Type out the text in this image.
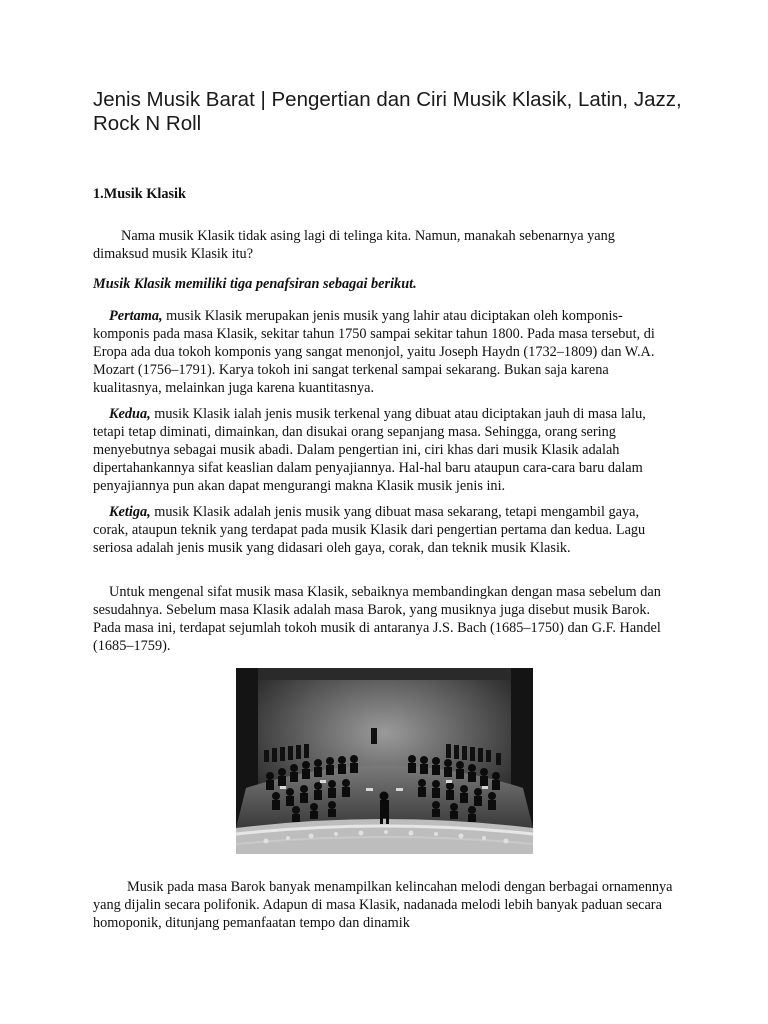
Jenis Musik Barat | Pengertian dan Ciri Musik Klasik, Latin, Jazz, Rock N Roll

1.Musik Klasik

Nama musik Klasik tidak asing lagi di telinga kita. Namun, manakah sebenarnya yang dimaksud musik Klasik itu?

Musik Klasik memiliki tiga penafsiran sebagai berikut.

Pertama, musik Klasik merupakan jenis musik yang lahir atau diciptakan oleh komponis-komponis pada masa Klasik, sekitar tahun 1750 sampai sekitar tahun 1800. Pada masa tersebut, di Eropa ada dua tokoh komponis yang sangat menonjol, yaitu Joseph Haydn (1732–1809) dan W.A. Mozart (1756–1791). Karya tokoh ini sangat terkenal sampai sekarang. Bukan saja karena kualitasnya, melainkan juga karena kuantitasnya.

Kedua, musik Klasik ialah jenis musik terkenal yang dibuat atau diciptakan jauh di masa lalu, tetapi tetap diminati, dimainkan, dan disukai orang sepanjang masa. Sehingga, orang sering menyebutnya sebagai musik abadi. Dalam pengertian ini, ciri khas dari musik Klasik adalah dipertahankannya sifat keaslian dalam penyajiannya. Hal-hal baru ataupun cara-cara baru dalam penyajiannya pun akan dapat mengurangi makna Klasik musik jenis ini.

Ketiga, musik Klasik adalah jenis musik yang dibuat masa sekarang, tetapi mengambil gaya, corak, ataupun teknik yang terdapat pada musik Klasik dari pengertian pertama dan kedua. Lagu seriosa adalah jenis musik yang didasari oleh gaya, corak, dan teknik musik Klasik.

Untuk mengenal sifat musik masa Klasik, sebaiknya membandingkan dengan masa sebelum dan sesudahnya. Sebelum masa Klasik adalah masa Barok, yang musiknya juga disebut musik Barok. Pada masa ini, terdapat sejumlah tokoh musik di antaranya J.S. Bach (1685–1750) dan G.F. Handel (1685–1759).

Musik pada masa Barok banyak menampilkan kelincahan melodi dengan berbagai ornamennya yang dijalin secara polifonik. Adapun di masa Klasik, nadanada melodi lebih banyak paduan secara homoponik, ditunjang pemanfaatan tempo dan dinamik
